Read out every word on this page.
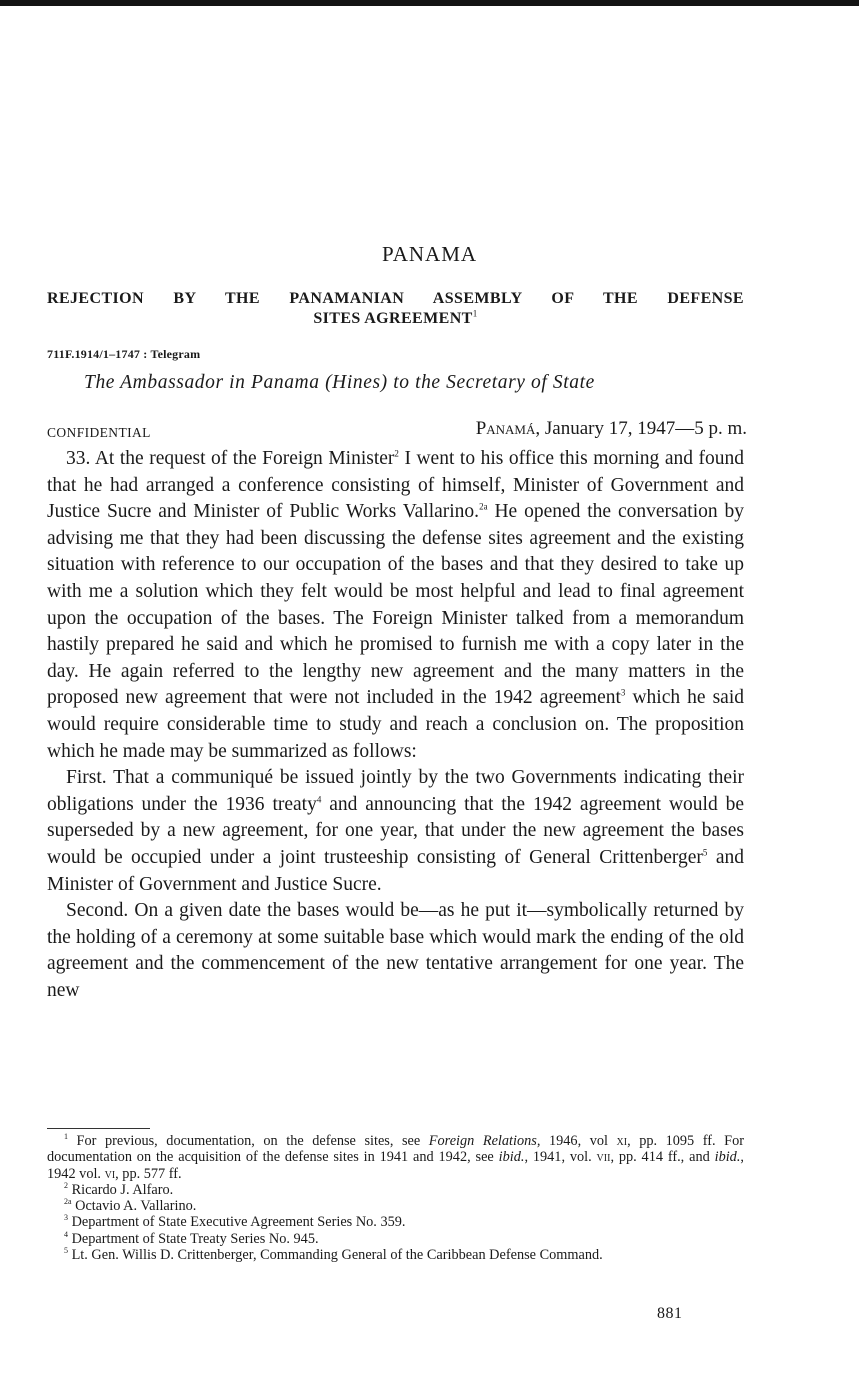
PANAMA
REJECTION BY THE PANAMANIAN ASSEMBLY OF THE DEFENSE
SITES AGREEMENT$^1$
711F.1914/1–1747 : Telegram
The Ambassador in Panama (Hines) to the Secretary of State
CONFIDENTIAL	Panamá, January 17, 1947—5 p. m.

33. At the request of the Foreign Minister$^2$ I went to his office this morning and found that he had arranged a conference consisting of himself, Minister of Government and Justice Sucre and Minister of Public Works Vallarino.$^{2a}$ He opened the conversation by advising me that they had been discussing the defense sites agreement and the existing situation with reference to our occupation of the bases and that they desired to take up with me a solution which they felt would be most helpful and lead to final agreement upon the occupation of the bases. The Foreign Minister talked from a memorandum hastily prepared he said and which he promised to furnish me with a copy later in the day. He again referred to the lengthy new agreement and the many matters in the proposed new agreement that were not included in the 1942 agreement$^3$ which he said would require considerable time to study and reach a conclusion on. The proposition which he made may be summarized as follows:

First. That a communiqué be issued jointly by the two Governments indicating their obligations under the 1936 treaty$^4$ and announcing that the 1942 agreement would be superseded by a new agreement, for one year, that under the new agreement the bases would be occupied under a joint trusteeship consisting of General Crittenberger$^5$ and Minister of Government and Justice Sucre.

Second. On a given date the bases would be—as he put it—symbolically returned by the holding of a ceremony at some suitable base which would mark the ending of the old agreement and the commencement of the new tentative arrangement for one year. The new

$^1$ For previous, documentation, on the defense sites, see Foreign Relations, 1946, vol xi, pp. 1095 ff. For documentation on the acquisition of the defense sites in 1941 and 1942, see ibid., 1941, vol. vii, pp. 414 ff., and ibid., 1942 vol. vi, pp. 577 ff.

$^2$ Ricardo J. Alfaro.

$^{2a}$ Octavio A. Vallarino.

$^3$ Department of State Executive Agreement Series No. 359.

$^4$ Department of State Treaty Series No. 945.

$^5$ Lt. Gen. Willis D. Crittenberger, Commanding General of the Caribbean Defense Command.

881
